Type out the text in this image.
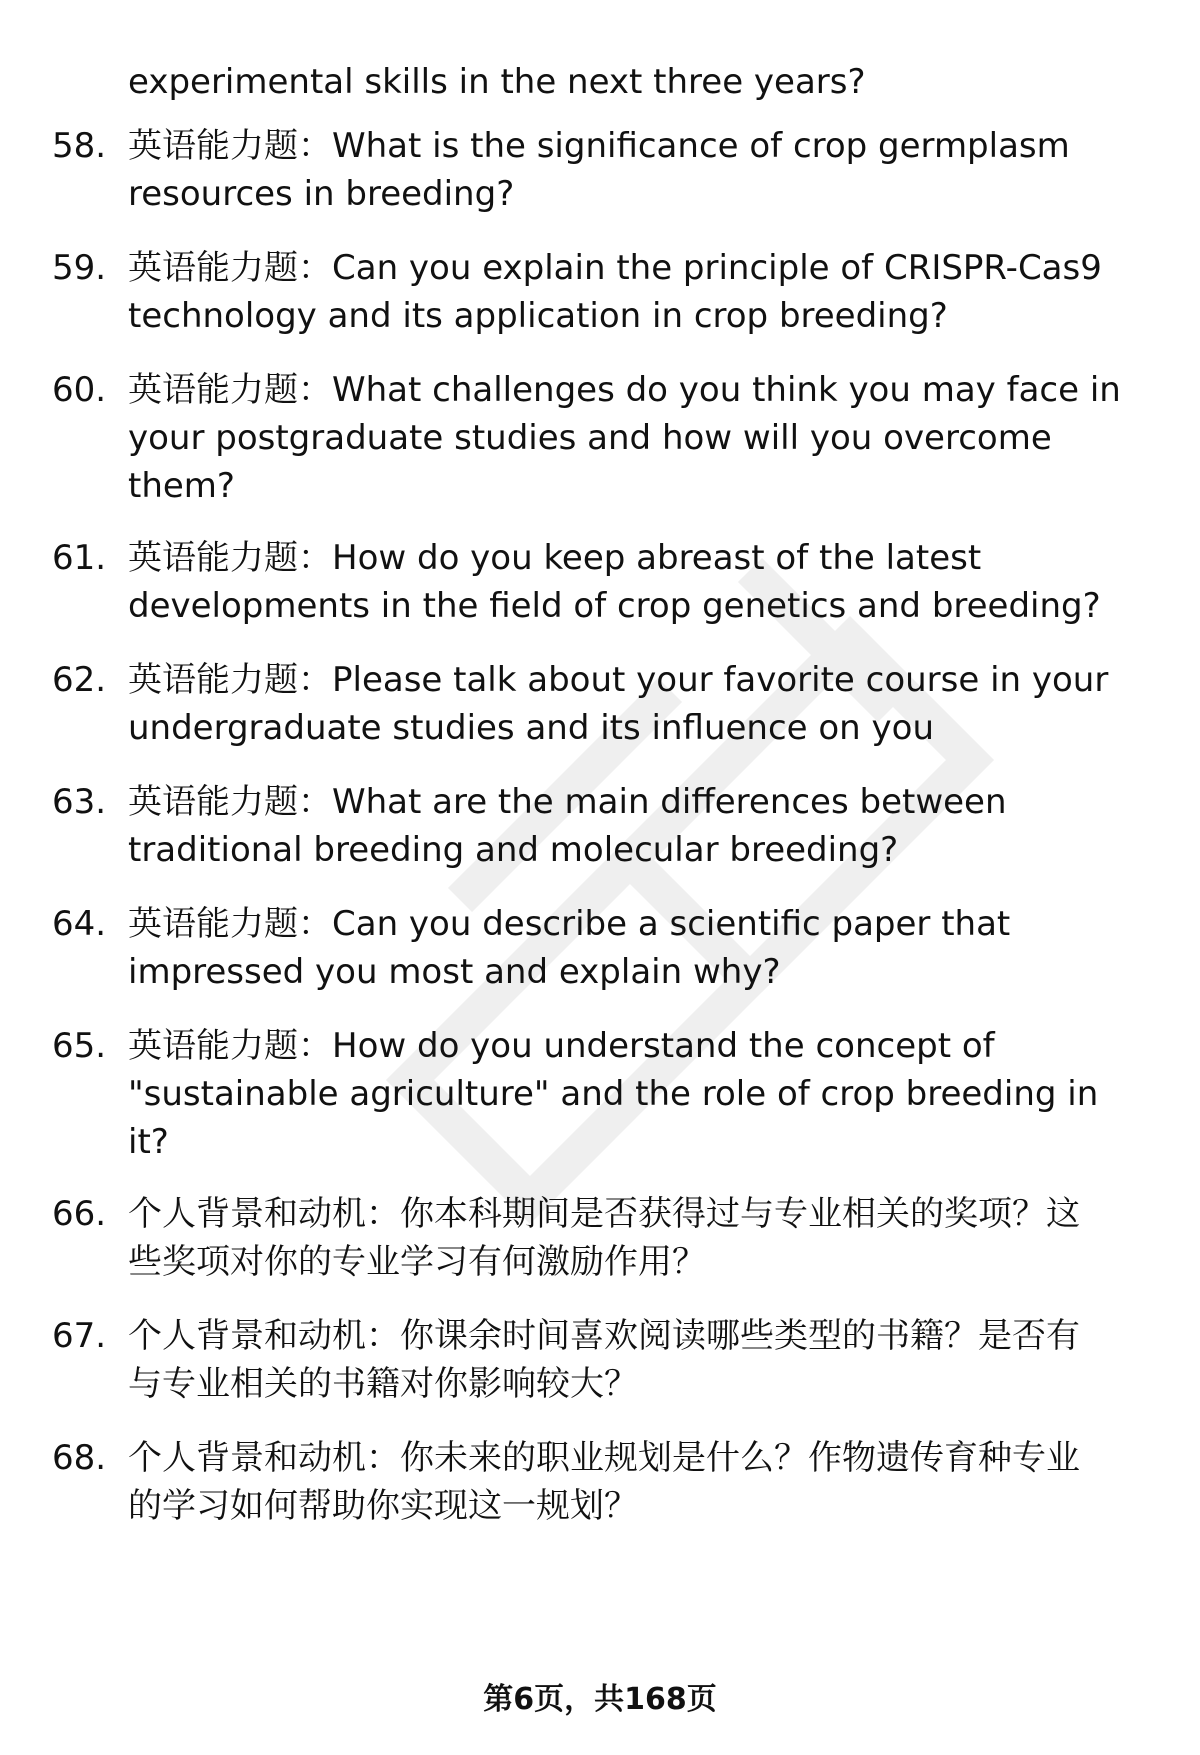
experimental skills in the next three years?
58. 英语能力题：What is the significance of crop germplasm
resources in breeding?
59. 英语能力题：Can you explain the principle of CRISPR-Cas9
technology and its application in crop breeding?
60. 英语能力题：What challenges do you think you may face in
your postgraduate studies and how will you overcome
them?
61. 英语能力题：How do you keep abreast of the latest
developments in the field of crop genetics and breeding?
62. 英语能力题：Please talk about your favorite course in your
undergraduate studies and its influence on you
63. 英语能力题：What are the main differences between
traditional breeding and molecular breeding?
64. 英语能力题：Can you describe a scientific paper that
impressed you most and explain why?
65. 英语能力题：How do you understand the concept of
"sustainable agriculture" and the role of crop breeding in
it?
66. 个人背景和动机：你本科期间是否获得过与专业相关的奖项？这
些奖项对你的专业学习有何激励作用？
67. 个人背景和动机：你课余时间喜欢阅读哪些类型的书籍？是否有
与专业相关的书籍对你影响较大？
68. 个人背景和动机：你未来的职业规划是什么？作物遗传育种专业
的学习如何帮助你实现这一规划？
第6页，共168页
